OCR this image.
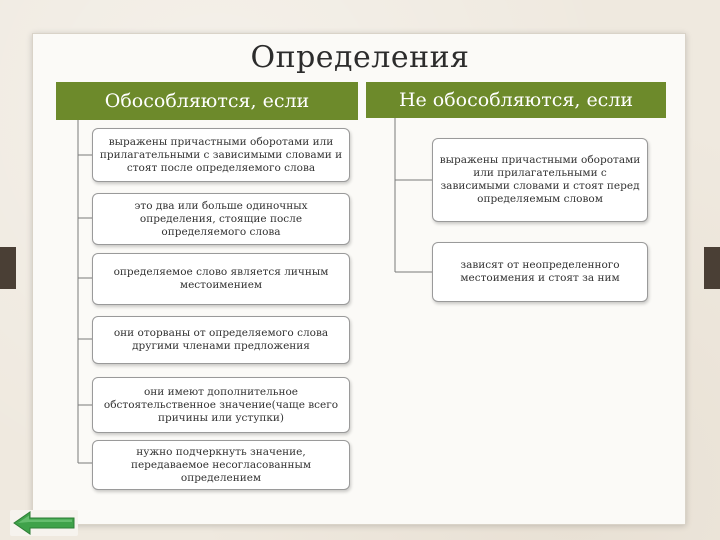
Определения
Обособляются, если	Не обособляются, если
выражены причастными оборотами или прилагательными с зависимыми словами и стоят после определяемого слова
это два или больше одиночных определения, стоящие после определяемого слова
определяемое слово является личным местоимением
они оторваны от определяемого слова другими членами предложения
они имеют дополнительное обстоятельственное значение(чаще всего причины или уступки)
нужно подчеркнуть значение, передаваемое несогласованным определением
выражены причастными оборотами или прилагательными с зависимыми словами и стоят перед определяемым словом
зависят от неопределенного местоимения и стоят за ним
